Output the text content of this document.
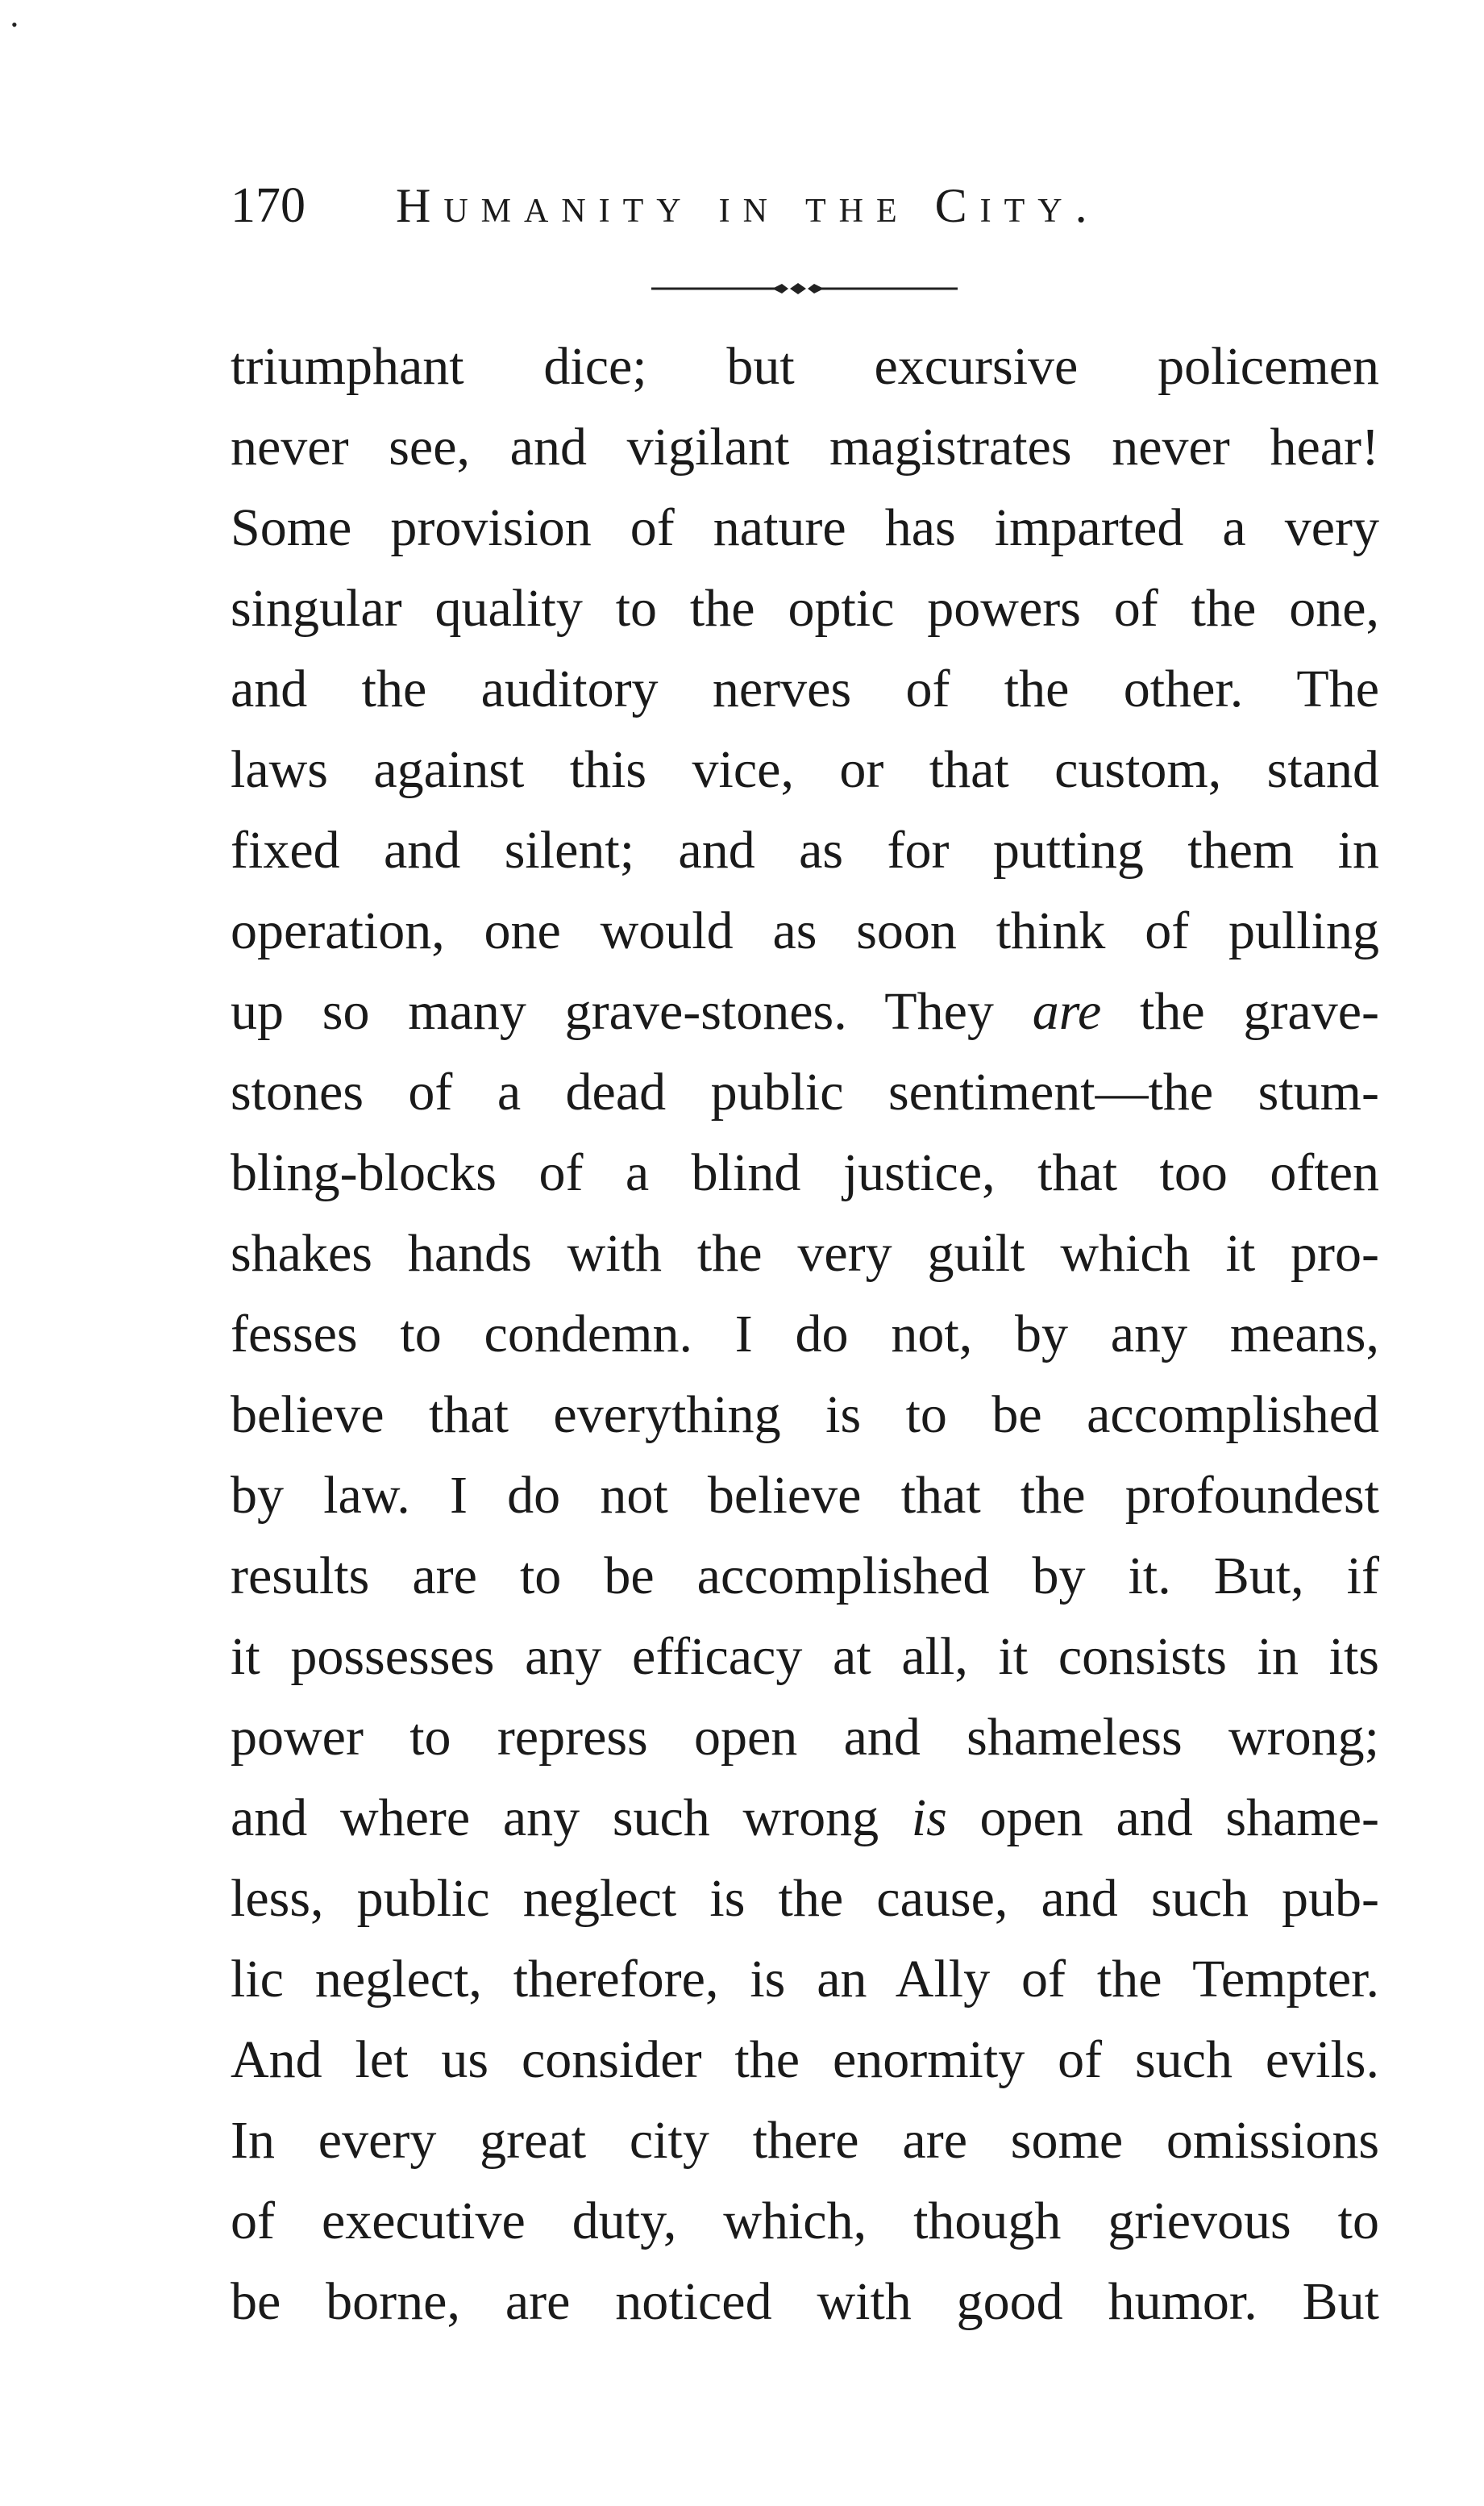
•
170 Humanity in the City.
triumphant dice; but excursive policemen
never see, and vigilant magistrates never hear!
Some provision of nature has imparted a very
singular quality to the optic powers of the one,
and the auditory nerves of the other. The
laws against this vice, or that custom, stand
fixed and silent; and as for putting them in
operation, one would as soon think of pulling
up so many grave-stones. They are the grave-
stones of a dead public sentiment—the stum-
bling-blocks of a blind justice, that too often
shakes hands with the very guilt which it pro-
fesses to condemn. I do not, by any means,
believe that everything is to be accomplished
by law. I do not believe that the profoundest
results are to be accomplished by it. But, if
it possesses any efficacy at all, it consists in its
power to repress open and shameless wrong;
and where any such wrong is open and shame-
less, public neglect is the cause, and such pub-
lic neglect, therefore, is an Ally of the Tempter.
And let us consider the enormity of such evils.
In every great city there are some omissions
of executive duty, which, though grievous to
be borne, are noticed with good humor. But
